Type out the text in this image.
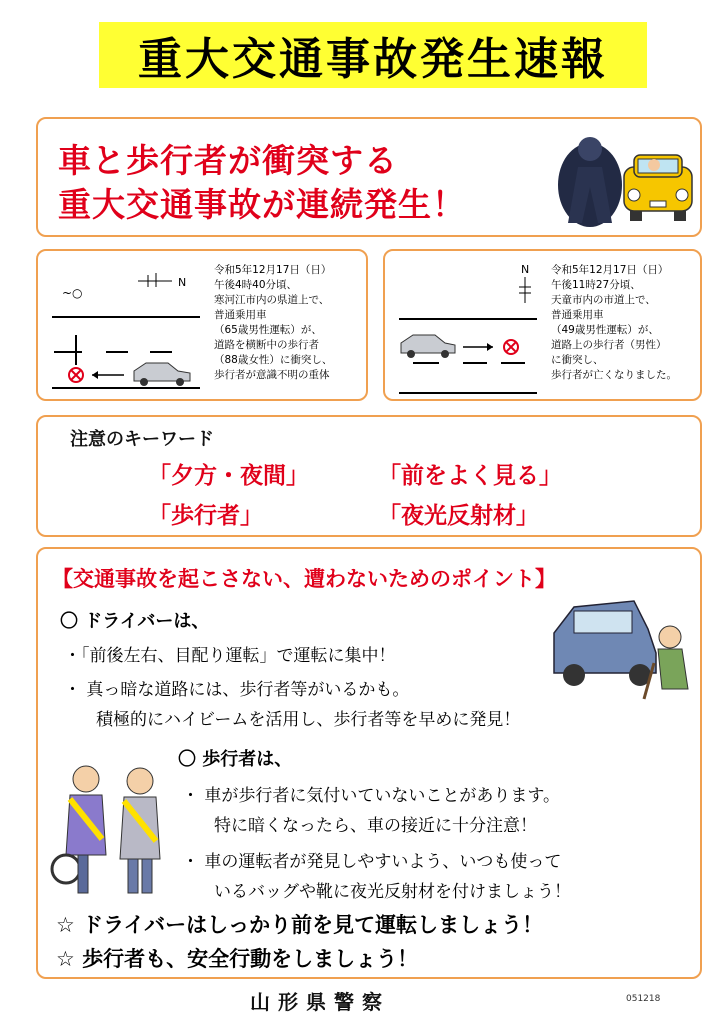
重大交通事故発生速報
車と歩行者が衝突する
重大交通事故が連続発生！
~○
N
令和5年12月17日（日）
午後4時40分頃、
寒河江市内の県道上で、
普通乗用車
（65歳男性運転）が、
道路を横断中の歩行者
（88歳女性）に衝突し、
歩行者が意識不明の重体
N 令和5年12月17日（日）
午後11時27分頃、
天童市内の市道上で、
普通乗用車
（49歳男性運転）が、
道路上の歩行者（男性）
に衝突し、
歩行者が亡くなりました。
注意のキーワード
「夕方・夜間」	「前をよく見る」
「歩行者」	「夜光反射材」
【交通事故を起こさない、遭わないためのポイント】
〇 ドライバーは、
・「前後左右、目配り運転」で運転に集中！
・ 真っ暗な道路には、歩行者等がいるかも。
積極的にハイビームを活用し、歩行者等を早めに発見！
〇 歩行者は、
・ 車が歩行者に気付いていないことがあります。
特に暗くなったら、車の接近に十分注意！
・ 車の運転者が発見しやすいよう、いつも使って
いるバッグや靴に夜光反射材を付けましょう！
☆ ドライバーはしっかり前を見て運転しましょう！
☆ 歩行者も、安全行動をしましょう！
山形県警察	051218
